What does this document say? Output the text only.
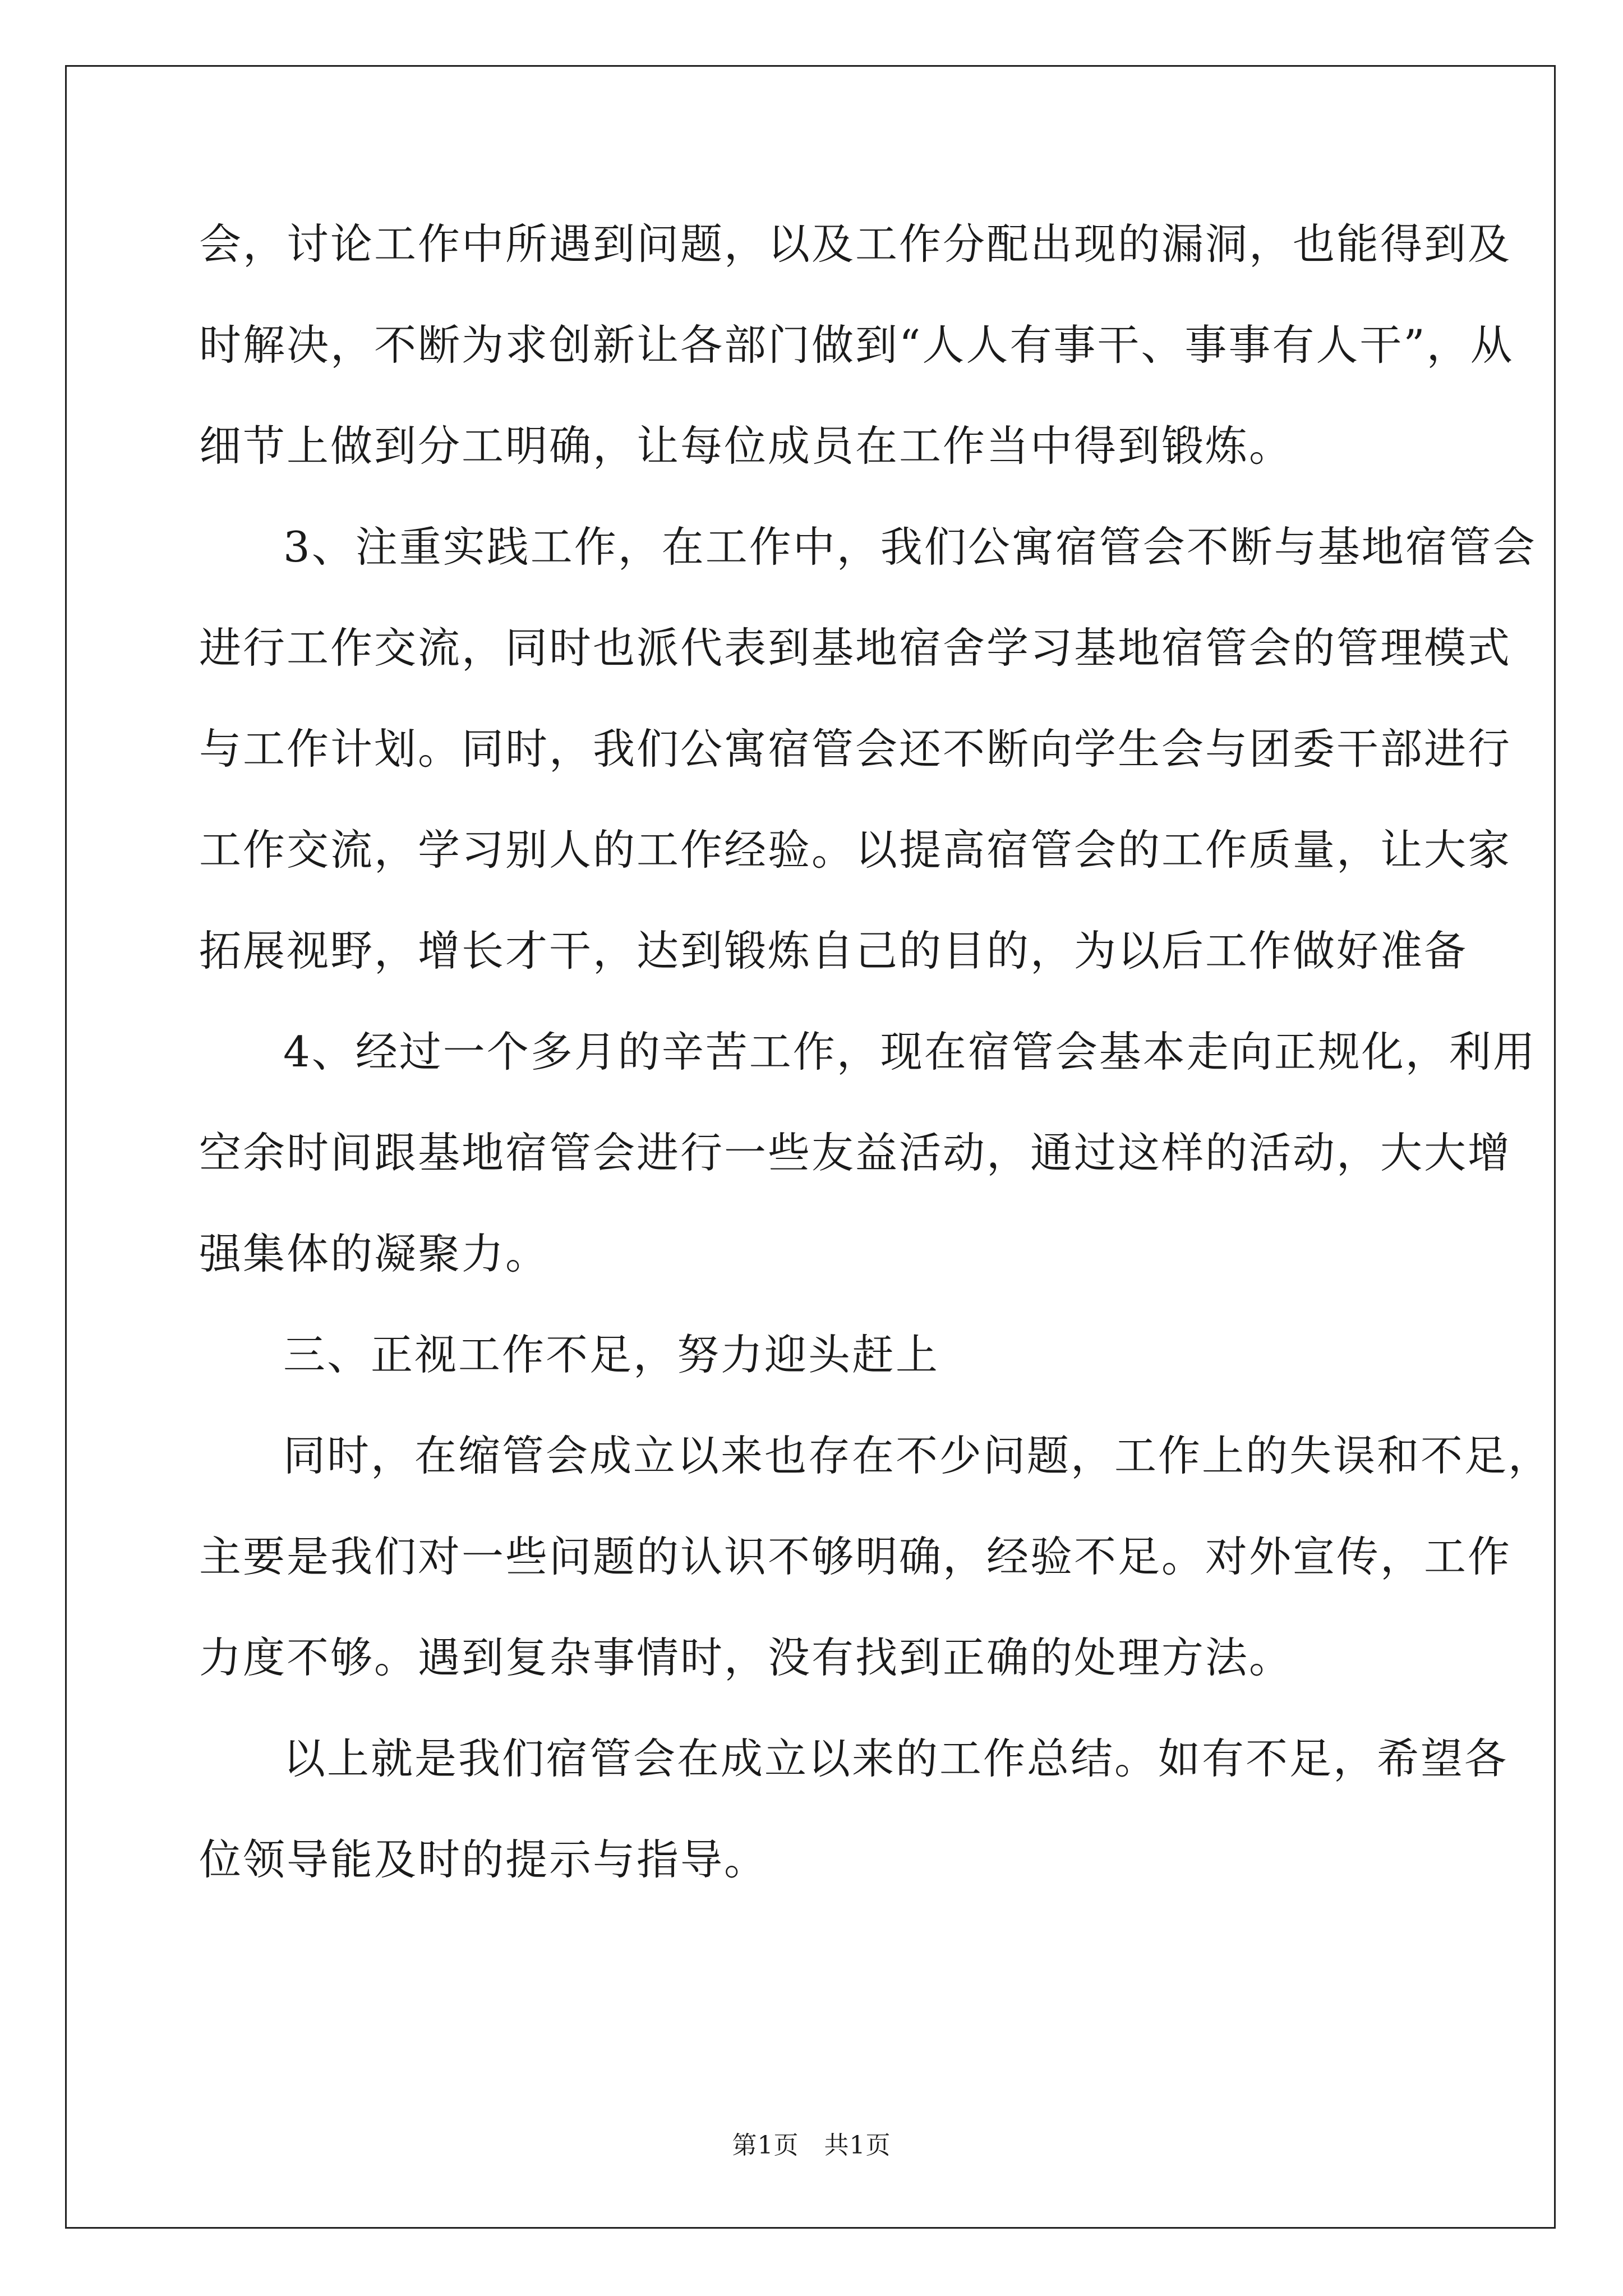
会，讨论工作中所遇到问题，以及工作分配出现的漏洞，也能得到及
时解决，不断为求创新让各部门做到“人人有事干、事事有人干”，从
细节上做到分工明确，让每位成员在工作当中得到锻炼。
3、注重实践工作，在工作中，我们公寓宿管会不断与基地宿管会
进行工作交流，同时也派代表到基地宿舍学习基地宿管会的管理模式
与工作计划。同时，我们公寓宿管会还不断向学生会与团委干部进行
工作交流，学习别人的工作经验。以提高宿管会的工作质量，让大家
拓展视野，增长才干，达到锻炼自己的目的，为以后工作做好准备
4、经过一个多月的辛苦工作，现在宿管会基本走向正规化，利用
空余时间跟基地宿管会进行一些友益活动，通过这样的活动，大大增
强集体的凝聚力。
三、正视工作不足，努力迎头赶上
同时，在缩管会成立以来也存在不少问题，工作上的失误和不足，
主要是我们对一些问题的认识不够明确，经验不足。对外宣传，工作
力度不够。遇到复杂事情时，没有找到正确的处理方法。
以上就是我们宿管会在成立以来的工作总结。如有不足，希望各
位领导能及时的提示与指导。
第1页   共1页
